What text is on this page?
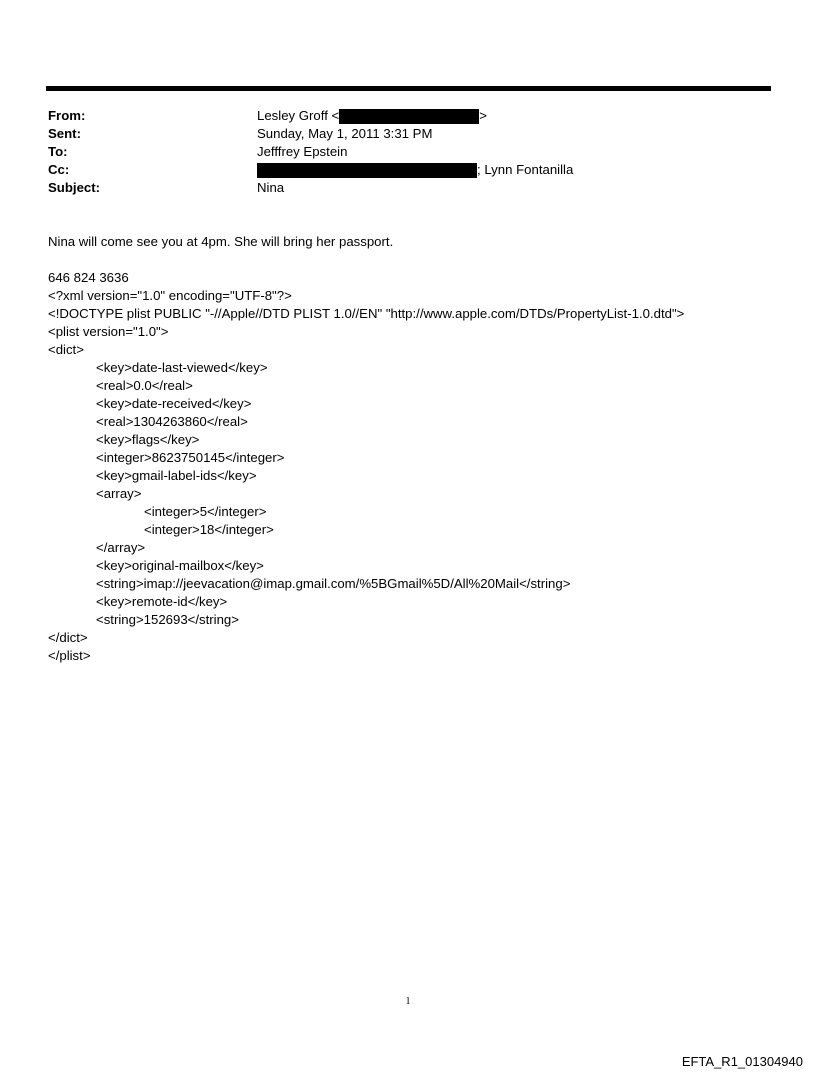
From:	Lesley Groff <	>
Sent:	Sunday, May 1, 2011 3:31 PM
To:	Jefffrey Epstein
Cc:	; Lynn Fontanilla
Subject:	Nina

Nina will come see you at 4pm. She will bring her passport.

646 824 3636

<?xml version="1.0" encoding="UTF-8"?>
<!DOCTYPE plist PUBLIC "-//Apple//DTD PLIST 1.0//EN" "http://www.apple.com/DTDs/PropertyList-1.0.dtd">
<plist version="1.0">
<dict>
<key>date-last-viewed</key>
<real>0.0</real>
<key>date-received</key>
<real>1304263860</real>
<key>flags</key>
<integer>8623750145</integer>
<key>gmail-label-ids</key>
<array>
<integer>5</integer>
<integer>18</integer>
</array>
<key>original-mailbox</key>
<string>imap://jeevacation@imap.gmail.com/%5BGmail%5D/All%20Mail</string>
<key>remote-id</key>
<string>152693</string>
</dict>
</plist>
1
EFTA_R1_01304940
